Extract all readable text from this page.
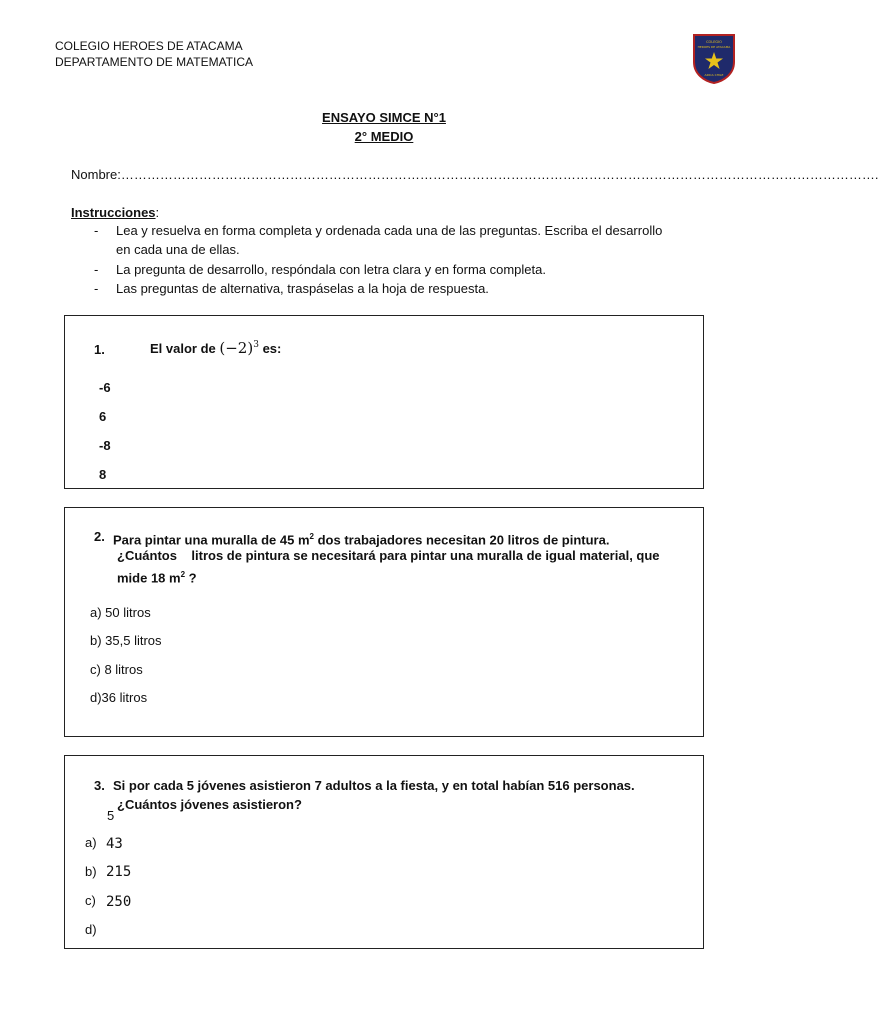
COLEGIO HEROES DE ATACAMA
DEPARTAMENTO DE MATEMATICA
COLEGIO
HEROES DE ATACAMA
ARICA CHILE
ENSAYO SIMCE N°1
2° MEDIO
Nombre:………………………………………………………………………………………………………………………………………………………….
Instrucciones:
- Lea y resuelva en forma completa y ordenada cada una de las preguntas. Escriba el desarrollo
en cada una de ellas.
- La pregunta de desarrollo, respóndala con letra clara y en forma completa.
- Las preguntas de alternativa, traspáselas a la hoja de respuesta.
1.	El valor de $(-2)^3$ es:
-6
6
-8
8
2. Para pintar una muralla de 45 $m^2$ dos trabajadores necesitan 20 litros de pintura.
¿Cuántos    litros de pintura se necesitará para pintar una muralla de igual material, que
mide 18 $m^2$ ?
a) 50 litros
b) 35,5 litros
c) 8 litros
d)36 litros
3. Si por cada 5 jóvenes asistieron 7 adultos a la fiesta, y en total habían 516 personas.
5
¿Cuántos jóvenes asistieron?
a) 43
b) 215
c) 250
d)
